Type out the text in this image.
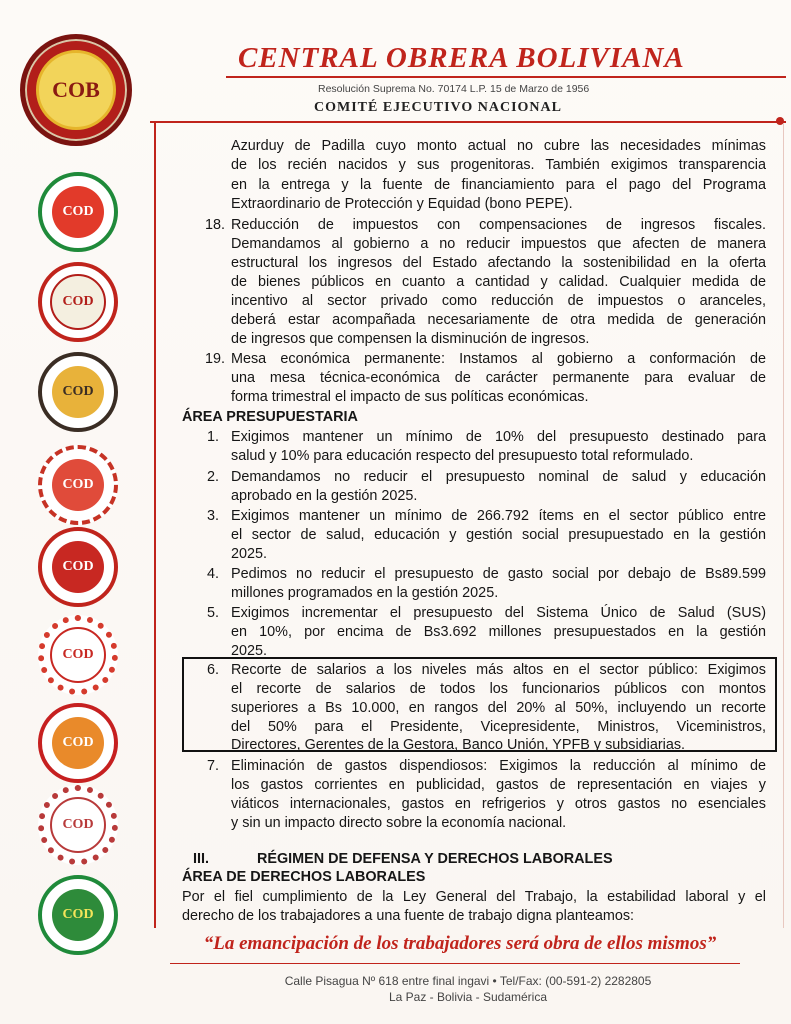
COB
COD
COD
COD
COD
COD
COD
COD
COD
COD
CENTRAL OBRERA BOLIVIANA
Resolución Suprema No. 70174 L.P. 15 de Marzo de 1956
COMITÉ EJECUTIVO NACIONAL
Azurduy de Padilla cuyo monto actual no cubre las necesidades mínimas
de los recién nacidos y sus progenitoras. También exigimos transparencia
en la entrega y la fuente de financiamiento para el pago del Programa
Extraordinario de Protección y Equidad (bono PEPE).
18. Reducción de impuestos con compensaciones de ingresos fiscales.
Demandamos al gobierno a no reducir impuestos que afecten de manera
estructural los ingresos del Estado afectando la sostenibilidad en la oferta
de bienes públicos en cuanto a cantidad y calidad. Cualquier medida de
incentivo al sector privado como reducción de impuestos o aranceles,
deberá estar acompañada necesariamente de otra medida de generación
de ingresos que compensen la disminución de ingresos.
19. Mesa económica permanente: Instamos al gobierno a conformación de
una mesa técnica-económica de carácter permanente para evaluar de
forma trimestral el impacto de sus políticas económicas.
ÁREA PRESUPUESTARIA
1. Exigimos mantener un mínimo de 10% del presupuesto destinado para
salud y 10% para educación respecto del presupuesto total reformulado.
2. Demandamos no reducir el presupuesto nominal de salud y educación
aprobado en la gestión 2025.
3. Exigimos mantener un mínimo de 266.792 ítems en el sector público entre
el sector de salud, educación y gestión social presupuestado en la gestión
2025.
4. Pedimos no reducir el presupuesto de gasto social por debajo de Bs89.599
millones programados en la gestión 2025.
5. Exigimos incrementar el presupuesto del Sistema Único de Salud (SUS)
en 10%, por encima de Bs3.692 millones presupuestados en la gestión
2025.
6. Recorte de salarios a los niveles más altos en el sector público: Exigimos
el recorte de salarios de todos los funcionarios públicos con montos
superiores a Bs 10.000, en rangos del 20% al 50%, incluyendo un recorte
del 50% para el Presidente, Vicepresidente, Ministros, Viceministros,
Directores, Gerentes de la Gestora, Banco Unión, YPFB y subsidiarias.
7. Eliminación de gastos dispendiosos: Exigimos la reducción al mínimo de
los gastos corrientes en publicidad, gastos de representación en viajes y
viáticos internacionales, gastos en refrigerios y otros gastos no esenciales
y sin un impacto directo sobre la economía nacional.
III.	RÉGIMEN DE DEFENSA Y DERECHOS LABORALES
ÁREA DE DERECHOS LABORALES
Por el fiel cumplimiento de la Ley General del Trabajo, la estabilidad laboral y el
derecho de los trabajadores a una fuente de trabajo digna planteamos:
“La emancipación de los trabajadores será obra de ellos mismos”
Calle Pisagua Nº 618 entre final ingavi • Tel/Fax: (00-591-2) 2282805
La Paz - Bolivia - Sudamérica
